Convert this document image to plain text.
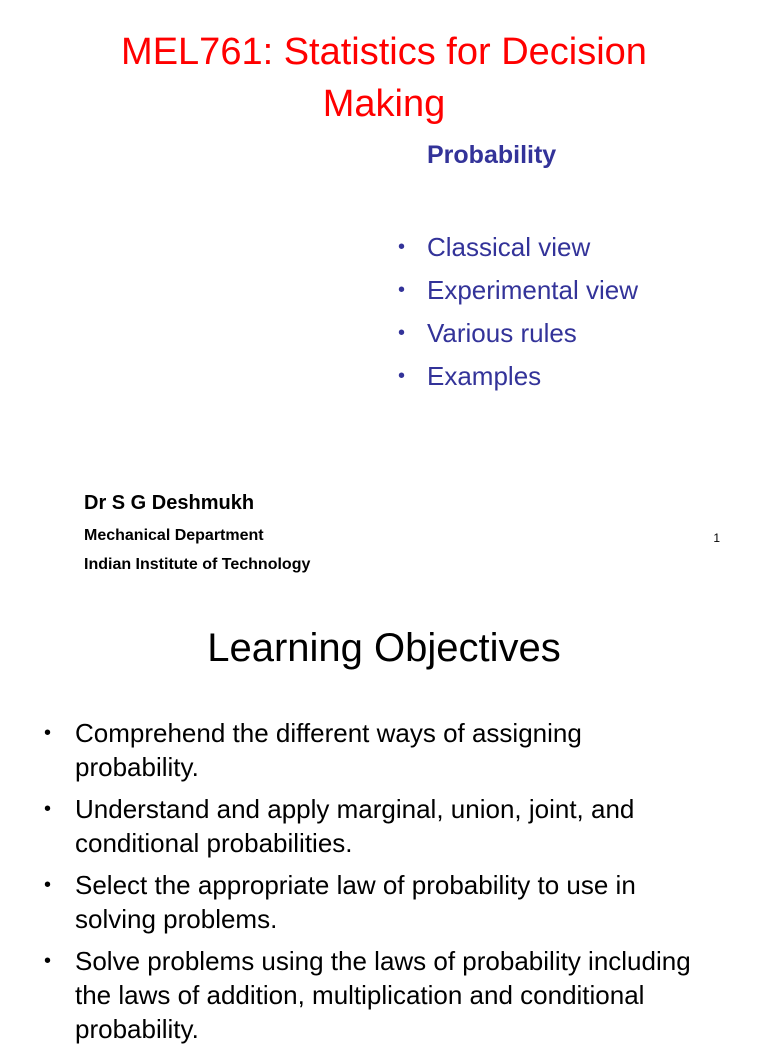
MEL761: Statistics for Decision
Making
Probability
• Classical view
• Experimental view
• Various rules
• Examples

Dr S G Deshmukh

Mechanical Department

Indian Institute of Technology

1
Learning Objectives
• Comprehend the different ways of assigning probability.
• Understand and apply marginal, union, joint, and conditional probabilities.
• Select the appropriate law of probability to use in solving problems.
• Solve problems using the laws of probability including the laws of addition, multiplication and conditional probability.
